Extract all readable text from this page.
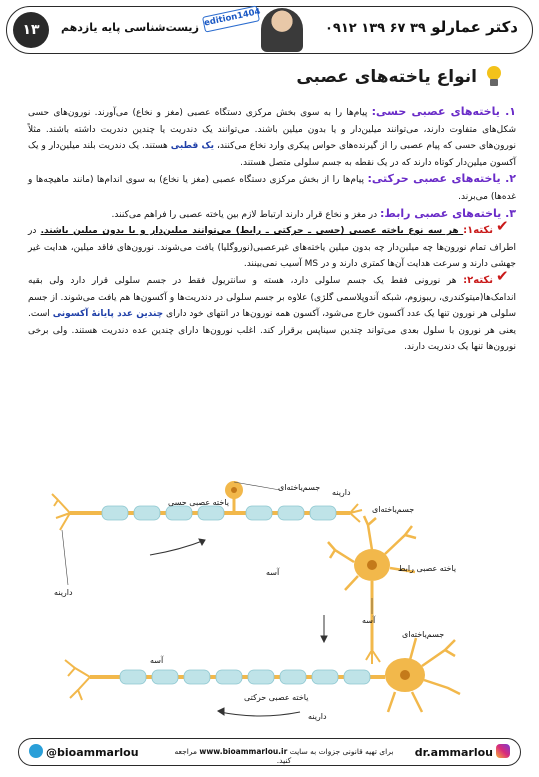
۱۳	زیست‌شناسی پایه یازدهم edition1404	۰۹۱۲ ۱۳۹ ۶۷ ۳۹ دکتر عمارلو
انواع یاخته‌های عصبی

۱. یاخته‌های عصبی حسی: پیام‌ها را به سوی بخش مرکزی دستگاه عصبی (مغز و نخاع) می‌آورند. نورون‌های حسی شکل‌های متفاوت دارند، می‌توانند میلین‌دار و یا بدون میلین باشند. می‌توانند یک دندریت یا چندین دندریت داشته باشند. مثلاً نورون‌های حسی که پیام عصبی را از گیرنده‌های حواس پیکری وارد نخاع می‌کنند، یک قطبی هستند. یک دندریت بلند میلین‌دار و یک آکسون میلین‌دار کوتاه دارند که در یک نقطه به جسم سلولی متصل هستند.

۲. یاخته‌های عصبی حرکتی: پیام‌ها را از بخش مرکزی دستگاه عصبی (مغز یا نخاع) به سوی اندام‌ها (مانند ماهیچه‌ها و غده‌ها) می‌برند.

۳. یاخته‌های عصبی رابط: در مغز و نخاع قرار دارند ارتباط لازم بین یاخته عصبی را فراهم می‌کنند.

✔نکته۱: هر سه نوع یاخته عصبی (حسی ـ حرکتی ـ رابط) می‌توانند میلین‌دار و یا بدون میلین باشند. در اطراف تمام نورون‌ها چه میلین‌دار چه بدون میلین یاخته‌های غیرعصبی(نوروگلیا) یافت می‌شوند. نورون‌های فاقد میلین، هدایت غیر جهشی دارند و سرعت هدایت آن‌ها کمتری دارند و در MS آسیب نمی‌بینند.

✔نکته۲: هر نورونی فقط یک جسم سلولی دارد، هسته و سانتریول فقط در جسم سلولی قرار دارد ولی بقیه اندامک‌ها(میتوکندری، ریبوزوم، شبکه آندوپلاسمی گلژی) علاوه بر جسم سلولی در دندریت‌ها و آکسون‌ها هم یافت می‌شوند. از جسم سلولی هر نورون تنها یک عدد آکسون خارج می‌شود، آکسون همه نورون‌ها در انتهای خود دارای چندین عدد پایانه‌ٔ آکسونی است. یعنی هر نورون با سلول بعدی می‌تواند چندین سیناپس برقرار کند. اغلب نورون‌ها دارای چندین عده دندریت هستند. ولی برخی نورون‌ها تنها یک دندریت دارند.

یاخته عصبی حسی
جسم‌یاخته‌ای
دارینه
جسم‌یاخته‌ای
یاخته عصبی رابط
آسه
دارینه
آسه
جسم‌یاخته‌ای
آسه
یاخته عصبی حرکتی
دارینه
@bioammarlou	برای تهیه قانونی جزوات به سایت www.bioammarlou.ir مراجعه کنید.
dr.ammarlou
